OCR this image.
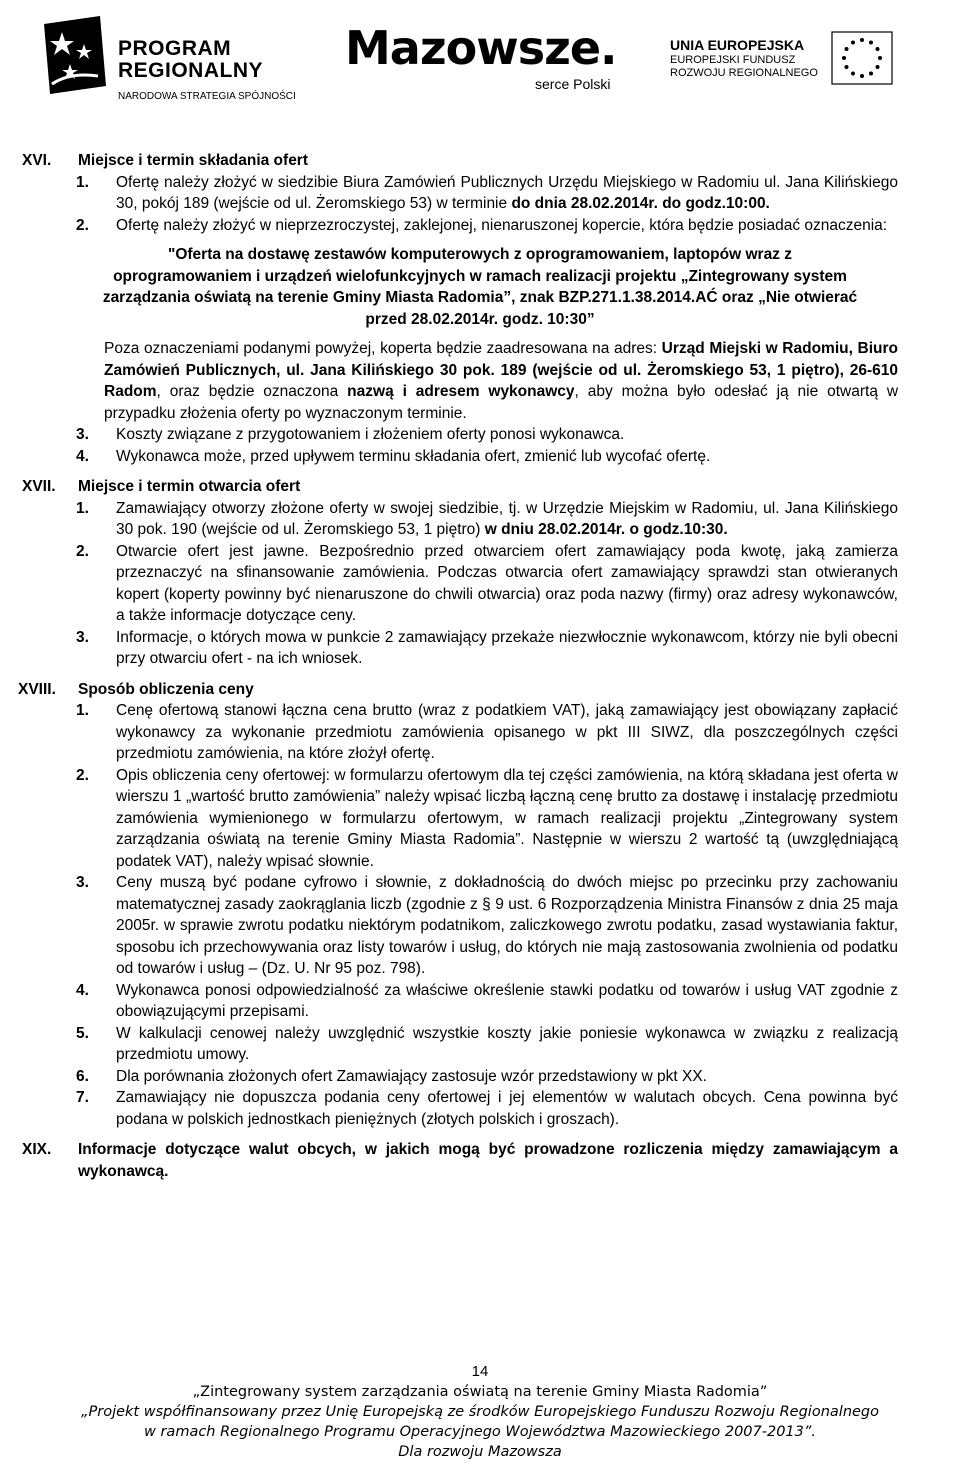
PROGRAM
REGIONALNY
NARODOWA STRATEGIA SPÓJNOŚCI
Mazowsze.
serce Polski
UNIA EUROPEJSKA
EUROPEJSKI FUNDUSZ
ROZWOJU REGIONALNEGO
XVI. Miejsce i termin składania ofert
1. Ofertę należy złożyć w siedzibie Biura Zamówień Publicznych Urzędu Miejskiego w Radomiu ul. Jana Kilińskiego 30, pokój 189 (wejście od ul. Żeromskiego 53) w terminie do dnia 28.02.2014r. do godz.10:00.
2. Ofertę należy złożyć w nieprzezroczystej, zaklejonej, nienaruszonej kopercie, która będzie posiadać oznaczenia:
"Oferta na dostawę zestawów komputerowych z oprogramowaniem, laptopów wraz z oprogramowaniem i urządzeń wielofunkcyjnych w ramach realizacji projektu „Zintegrowany system zarządzania oświatą na terenie Gminy Miasta Radomia”, znak BZP.271.1.38.2014.AĆ oraz „Nie otwierać przed 28.02.2014r. godz. 10:30”
Poza oznaczeniami podanymi powyżej, koperta będzie zaadresowana na adres: Urząd Miejski w Radomiu, Biuro Zamówień Publicznych, ul. Jana Kilińskiego 30 pok. 189 (wejście od ul. Żeromskiego 53, 1 piętro), 26-610 Radom, oraz będzie oznaczona nazwą i adresem wykonawcy, aby można było odesłać ją nie otwartą w przypadku złożenia oferty po wyznaczonym terminie.
3. Koszty związane z przygotowaniem i złożeniem oferty ponosi wykonawca.
4. Wykonawca może, przed upływem terminu składania ofert, zmienić lub wycofać ofertę.
XVII. Miejsce i termin otwarcia ofert
1. Zamawiający otworzy złożone oferty w swojej siedzibie, tj. w Urzędzie Miejskim w Radomiu, ul. Jana Kilińskiego 30 pok. 190 (wejście od ul. Żeromskiego 53, 1 piętro) w dniu 28.02.2014r. o godz.10:30.
2. Otwarcie ofert jest jawne. Bezpośrednio przed otwarciem ofert zamawiający poda kwotę, jaką zamierza przeznaczyć na sfinansowanie zamówienia. Podczas otwarcia ofert zamawiający sprawdzi stan otwieranych kopert (koperty powinny być nienaruszone do chwili otwarcia) oraz poda nazwy (firmy) oraz adresy wykonawców, a także informacje dotyczące ceny.
3. Informacje, o których mowa w punkcie 2 zamawiający przekaże niezwłocznie wykonawcom, którzy nie byli obecni przy otwarciu ofert - na ich wniosek.
XVIII. Sposób obliczenia ceny
1. Cenę ofertową stanowi łączna cena brutto (wraz z podatkiem VAT), jaką zamawiający jest obowiązany zapłacić wykonawcy za wykonanie przedmiotu zamówienia opisanego w pkt III SIWZ, dla poszczególnych części przedmiotu zamówienia, na które złożył ofertę.
2. Opis obliczenia ceny ofertowej: w formularzu ofertowym dla tej części zamówienia, na którą składana jest oferta w wierszu 1 „wartość brutto zamówienia” należy wpisać liczbą łączną cenę brutto za dostawę i instalację przedmiotu zamówienia wymienionego w formularzu ofertowym, w ramach realizacji projektu „Zintegrowany system zarządzania oświatą na terenie Gminy Miasta Radomia”. Następnie w wierszu 2 wartość tą (uwzględniającą podatek VAT), należy wpisać słownie.
3. Ceny muszą być podane cyfrowo i słownie, z dokładnością do dwóch miejsc po przecinku przy zachowaniu matematycznej zasady zaokrąglania liczb (zgodnie z § 9 ust. 6 Rozporządzenia Ministra Finansów z dnia 25 maja 2005r. w sprawie zwrotu podatku niektórym podatnikom, zaliczkowego zwrotu podatku, zasad wystawiania faktur, sposobu ich przechowywania oraz listy towarów i usług, do których nie mają zastosowania zwolnienia od podatku od towarów i usług – (Dz. U. Nr 95 poz. 798).
4. Wykonawca ponosi odpowiedzialność za właściwe określenie stawki podatku od towarów i usług VAT zgodnie z obowiązującymi przepisami.
5. W kalkulacji cenowej należy uwzględnić wszystkie koszty jakie poniesie wykonawca w związku z realizacją przedmiotu umowy.
6. Dla porównania złożonych ofert Zamawiający zastosuje wzór przedstawiony w pkt XX.
7. Zamawiający nie dopuszcza podania ceny ofertowej i jej elementów w walutach obcych. Cena powinna być podana w polskich jednostkach pieniężnych (złotych polskich i groszach).
XIX. Informacje dotyczące walut obcych, w jakich mogą być prowadzone rozliczenia między zamawiającym a wykonawcą.
14
„Zintegrowany system zarządzania oświatą na terenie Gminy Miasta Radomia”
„Projekt współfinansowany przez Unię Europejską ze środków Europejskiego Funduszu Rozwoju Regionalnego
w ramach Regionalnego Programu Operacyjnego Województwa Mazowieckiego 2007-2013”.
Dla rozwoju Mazowsza
